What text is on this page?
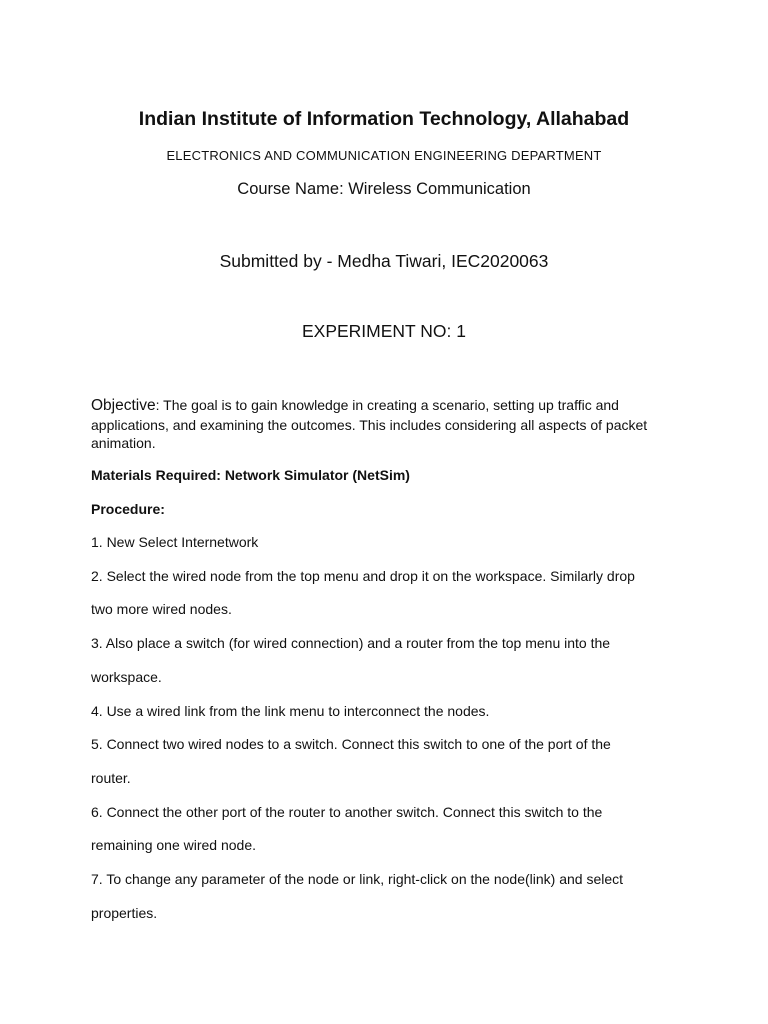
Indian Institute of Information Technology, Allahabad
ELECTRONICS AND COMMUNICATION ENGINEERING DEPARTMENT
Course Name: Wireless Communication
Submitted by - Medha Tiwari, IEC2020063
EXPERIMENT NO: 1
Objective: The goal is to gain knowledge in creating a scenario, setting up traffic and applications, and examining the outcomes. This includes considering all aspects of packet animation.
Materials Required: Network Simulator (NetSim)
Procedure:
1. New Select Internetwork
2. Select the wired node from the top menu and drop it on the workspace. Similarly drop
two more wired nodes.
3. Also place a switch (for wired connection) and a router from the top menu into the
workspace.
4. Use a wired link from the link menu to interconnect the nodes.
5. Connect two wired nodes to a switch. Connect this switch to one of the port of the
router.
6. Connect the other port of the router to another switch. Connect this switch to the
remaining one wired node.
7. To change any parameter of the node or link, right-click on the node(link) and select
properties.
